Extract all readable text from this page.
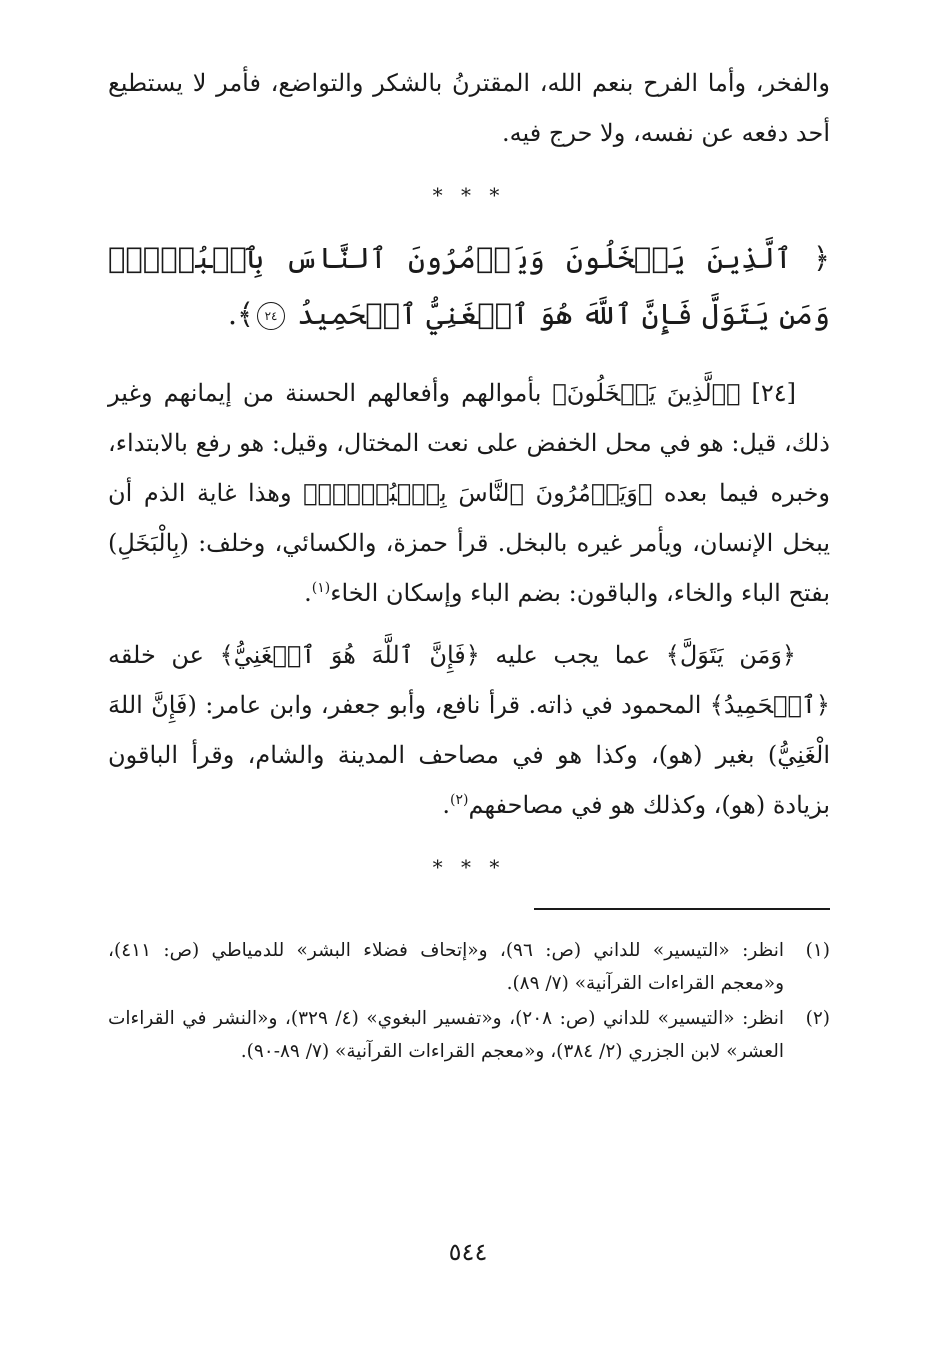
والفخر، وأما الفرح بنعم الله، المقترنُ بالشكر والتواضع، فأمر لا يستطيع أحد دفعه عن نفسه، ولا حرج فيه.

* * *

﴿ ٱلَّذِينَ يَبۡخَلُونَ وَيَأۡمُرُونَ ٱلنَّاسَ بِٱلۡبُخۡلِۗ وَمَن يَتَوَلَّ فَإِنَّ ٱللَّهَ هُوَ ٱلۡغَنِيُّ ٱلۡحَمِيدُ ٢٤﴾.

[٢٤] ﴿ٱلَّذِينَ يَبۡخَلُونَ﴾ بأموالهم وأفعالهم الحسنة من إيمانهم وغير ذلك، قيل: هو في محل الخفض على نعت المختال، وقيل: هو رفع بالابتداء، وخبره فيما بعده ﴿وَيَأۡمُرُونَ ٱلنَّاسَ بِٱلۡبُخۡلِۗ﴾ وهذا غاية الذم أن يبخل الإنسان، ويأمر غيره بالبخل. قرأ حمزة، والكسائي، وخلف: (بِالْبَخَلِ) بفتح الباء والخاء، والباقون: بضم الباء وإسكان الخاء$^{(١)}$.

﴿وَمَن يَتَوَلَّ﴾ عما يجب عليه ﴿فَإِنَّ ٱللَّهَ هُوَ ٱلۡغَنِيُّ﴾ عن خلقه ﴿ٱلۡحَمِيدُ﴾ المحمود في ذاته. قرأ نافع، وأبو جعفر، وابن عامر: (فَإِنَّ اللهَ الْغَنِيُّ) بغير (هو)، وكذا هو في مصاحف المدينة والشام، وقرأ الباقون بزيادة (هو)، وكذلك هو في مصاحفهم$^{(٢)}$.

* * *

(١)
انظر: «التيسير» للداني (ص: ٩٦)، و«إتحاف فضلاء البشر» للدمياطي (ص: ٤١١)، و«معجم القراءات القرآنية» (٧/ ٨٩).

(٢)
انظر: «التيسير» للداني (ص: ٢٠٨)، و«تفسير البغوي» (٤/ ٣٢٩)، و«النشر في القراءات العشر» لابن الجزري (٢/ ٣٨٤)، و«معجم القراءات القرآنية» (٧/ ٨٩-٩٠).

٥٤٤
